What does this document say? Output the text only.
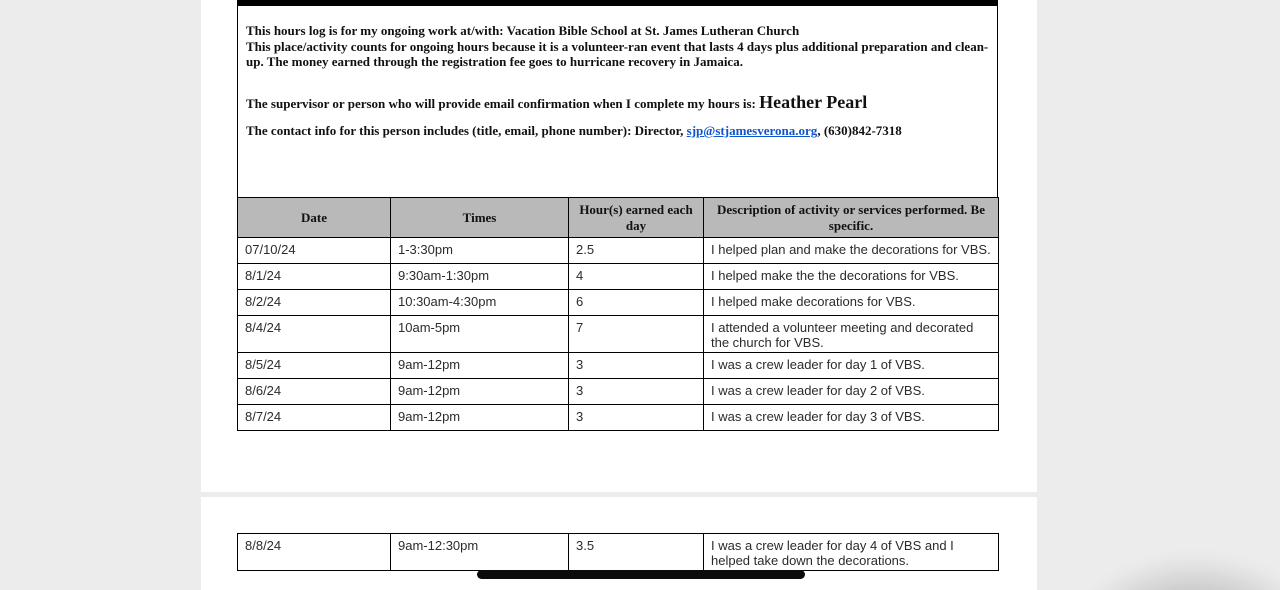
This hours log is for my ongoing work at/with: Vacation Bible School at St. James Lutheran Church
This place/activity counts for ongoing hours because it is a volunteer-ran event that lasts 4 days plus additional preparation and clean-up. The money earned through the registration fee goes to hurricane recovery in Jamaica.
The supervisor or person who will provide email confirmation when I complete my hours is: Heather Pearl
The contact info for this person includes (title, email, phone number): Director, sjp@stjamesverona.org, (630)842-7318
Date	Times	Hour(s) earned each day	Description of activity or services performed. Be specific.
07/10/24	1-3:30pm	2.5	I helped plan and make the decorations for VBS.
8/1/24	9:30am-1:30pm	4	I helped make the the decorations for VBS.
8/2/24	10:30am-4:30pm	6	I helped make decorations for VBS.
8/4/24	10am-5pm	7	I attended a volunteer meeting and decorated the church for VBS.
8/5/24	9am-12pm	3	I was a crew leader for day 1 of VBS.
8/6/24	9am-12pm	3	I was a crew leader for day 2 of VBS.
8/7/24	9am-12pm	3	I was a crew leader for day 3 of VBS.
8/8/24	9am-12:30pm	3.5	I was a crew leader for day 4 of VBS and I helped take down the decorations.
